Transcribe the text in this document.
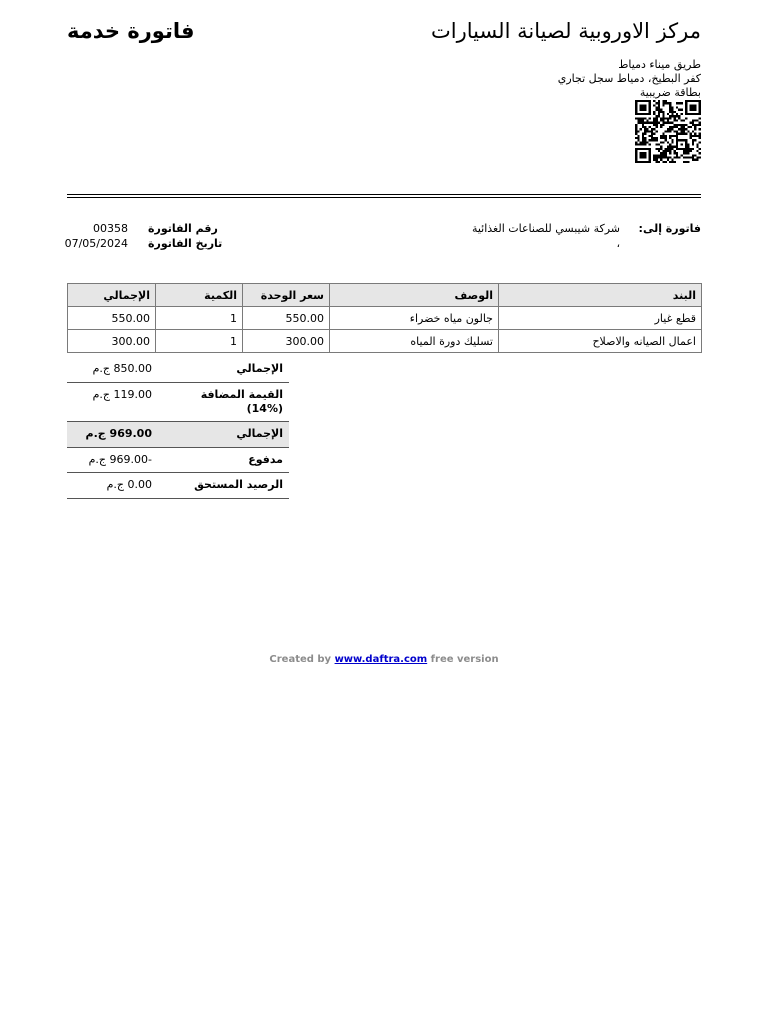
مركز الاوروبية لصيانة السيارات
فاتورة خدمة
طريق ميناء دمياط
كفر البطيخ، دمياط سجل تجاري
بطاقة ضريبية
فاتورة إلى:
شركة شيبسي للصناعات الغذائية
،
رقم الفاتورة
00358
تاريخ الفاتورة
07/05/2024
البند	الوصف	سعر الوحدة	الكمية	الإجمالي
قطع غيار	جالون مياه خضراء	550.00	1	550.00
اعمال الصيانه والاصلاح	تسليك دورة المياه	300.00	1	300.00
الإجمالي	850.00 ج.م
القيمة المضافة (%14)	119.00 ج.م
الإجمالي	969.00 ج.م
مدفوع	-969.00 ج.م
الرصيد المستحق	0.00 ج.م
Created by www.daftra.com free version
